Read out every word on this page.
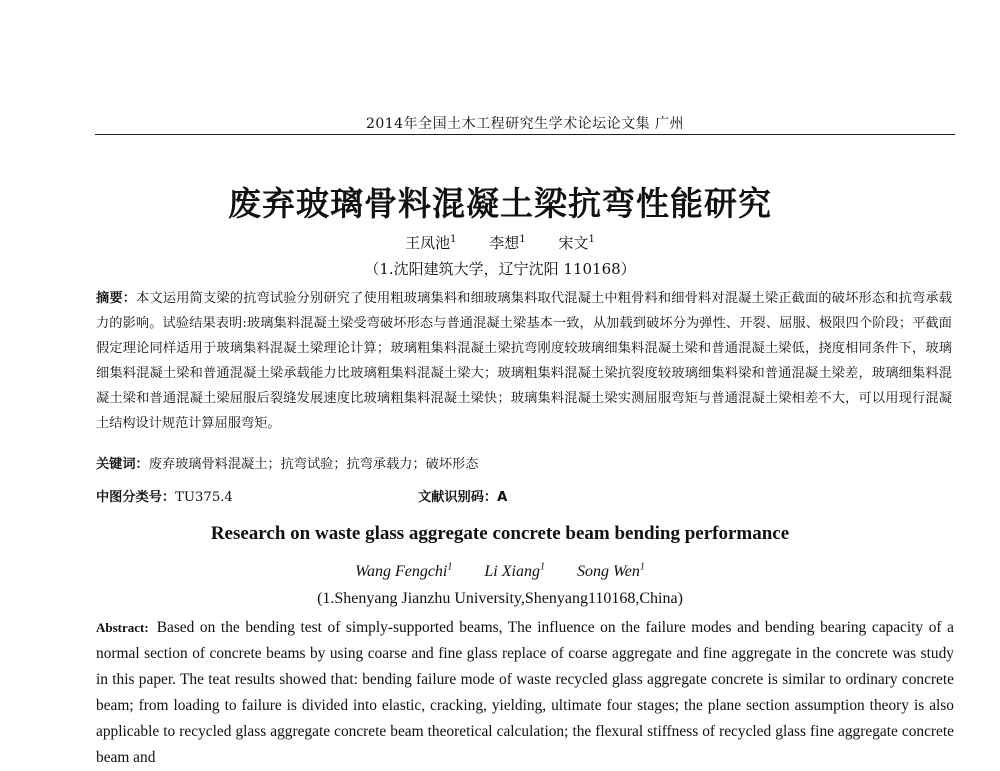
2014年全国土木工程研究生学术论坛论文集 广州
废弃玻璃骨料混凝土梁抗弯性能研究
王凤池$^1$ 李想$^1$ 宋文$^1$
（1.沈阳建筑大学，辽宁沈阳 110168）

摘要：本文运用简支梁的抗弯试验分别研究了使用粗玻璃集料和细玻璃集料取代混凝土中粗骨料和细骨料对混凝土梁正截面的破坏形态和抗弯承载力的影响。试验结果表明:玻璃集料混凝土梁受弯破坏形态与普通混凝土梁基本一致，从加载到破坏分为弹性、开裂、屈服、极限四个阶段；平截面假定理论同样适用于玻璃集料混凝土梁理论计算；玻璃粗集料混凝土梁抗弯刚度较玻璃细集料混凝土梁和普通混凝土梁低，挠度相同条件下，玻璃细集料混凝土梁和普通混凝土梁承载能力比玻璃粗集料混凝土梁大；玻璃粗集料混凝土梁抗裂度较玻璃细集料梁和普通混凝土梁差，玻璃细集料混凝土梁和普通混凝土梁屈服后裂缝发展速度比玻璃粗集料混凝土梁快；玻璃集料混凝土梁实测屈服弯矩与普通混凝土梁相差不大，可以用现行混凝土结构设计规范计算屈服弯矩。

关键词：废弃玻璃骨料混凝土；抗弯试验；抗弯承载力；破坏形态
中图分类号：TU375.4	文献识别码：A
Research on waste glass aggregate concrete beam bending performance
Wang Fengchi$^1$ Li Xiang$^1$ Song Wen$^1$
(1.Shenyang Jianzhu University,Shenyang110168,China)

Abstract: Based on the bending test of simply-supported beams, The influence on the failure modes and bending bearing capacity of a normal section of concrete beams by using coarse and fine glass replace of coarse aggregate and fine aggregate in the concrete was study in this paper. The teat results showed that: bending failure mode of waste recycled glass aggregate concrete is similar to ordinary concrete beam; from loading to failure is divided into elastic, cracking, yielding, ultimate four stages; the plane section assumption theory is also applicable to recycled glass aggregate concrete beam theoretical calculation; the flexural stiffness of recycled glass fine aggregate concrete beam and
